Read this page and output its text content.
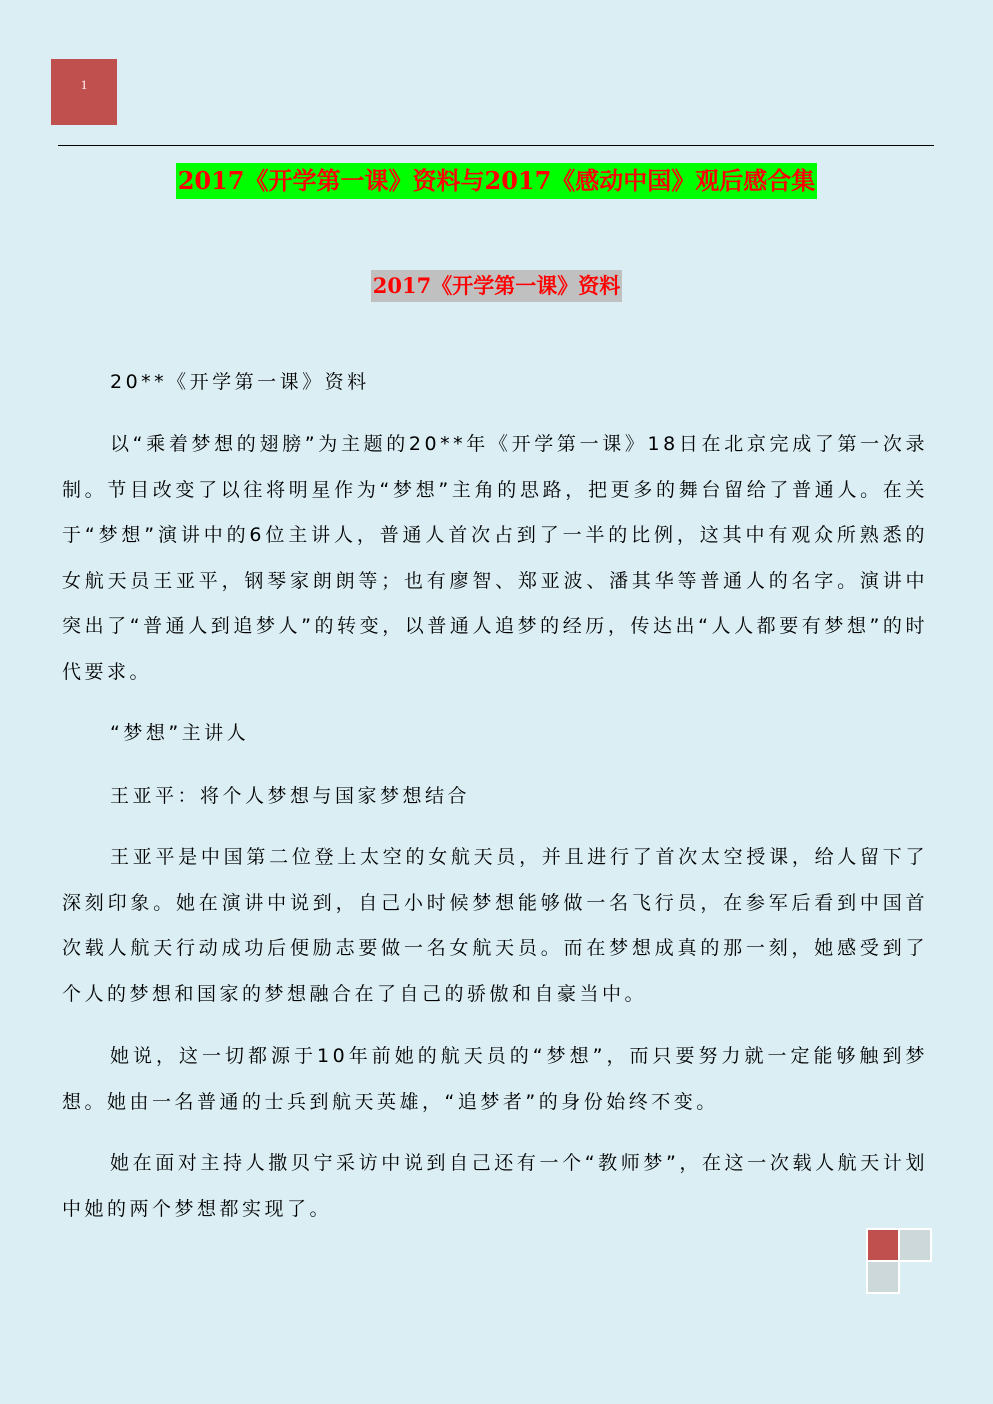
1
2017《开学第一课》资料与2017《感动中国》观后感合集
2017《开学第一课》资料

20**《开学第一课》资料

以“乘着梦想的翅膀”为主题的20**年《开学第一课》18日在北京完成了第一次录制。节目改变了以往将明星作为“梦想”主角的思路，把更多的舞台留给了普通人。在关于“梦想”演讲中的6位主讲人，普通人首次占到了一半的比例，这其中有观众所熟悉的女航天员王亚平，钢琴家朗朗等；也有廖智、郑亚波、潘其华等普通人的名字。演讲中突出了“普通人到追梦人”的转变，以普通人追梦的经历，传达出“人人都要有梦想”的时代要求。

“梦想”主讲人

王亚平：将个人梦想与国家梦想结合

王亚平是中国第二位登上太空的女航天员，并且进行了首次太空授课，给人留下了深刻印象。她在演讲中说到，自己小时候梦想能够做一名飞行员，在参军后看到中国首次载人航天行动成功后便励志要做一名女航天员。而在梦想成真的那一刻，她感受到了个人的梦想和国家的梦想融合在了自己的骄傲和自豪当中。

她说，这一切都源于10年前她的航天员的“梦想”，而只要努力就一定能够触到梦想。她由一名普通的士兵到航天英雄，“追梦者”的身份始终不变。

她在面对主持人撒贝宁采访中说到自己还有一个“教师梦”，在这一次载人航天计划中她的两个梦想都实现了。
